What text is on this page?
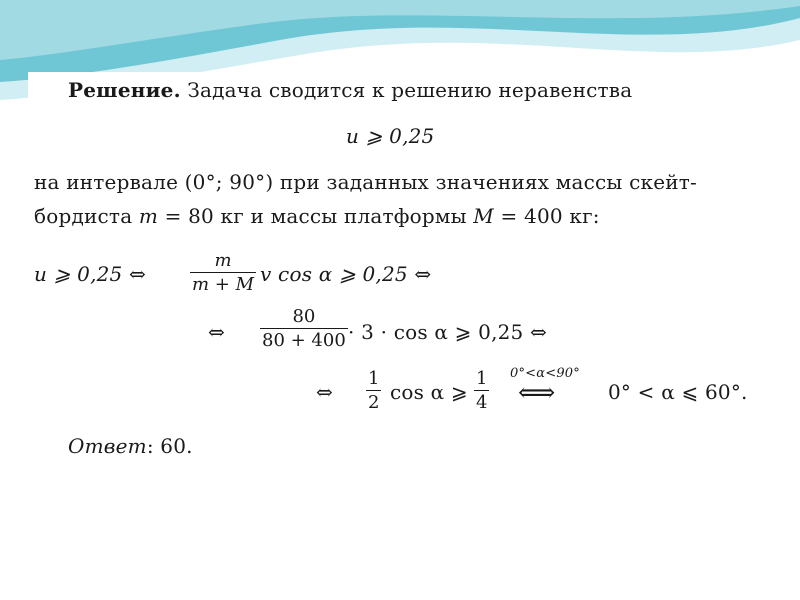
Решение. Задача сводится к решению неравенства
u ⩾ 0,25
на интервале (0°; 90°) при заданных значениях массы скейт-
бордиста m = 80 кг и массы платформы M = 400 кг:
u ⩾ 0,25 ⇔
m
m + M v cos α ⩾ 0,25 ⇔
⇔
80
80 + 400 · 3 · cos α ⩾ 0,25 ⇔
⇔
1
2 cos α ⩾
1
4
0°<α<90°
⟺	0° < α ⩽ 60°.
Ответ: 60.
